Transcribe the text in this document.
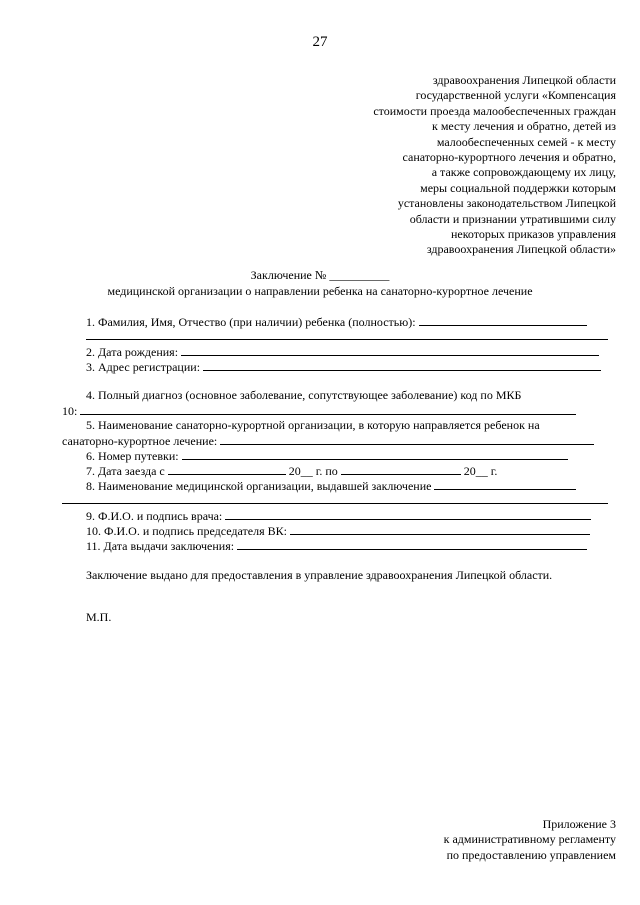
27
здравоохранения Липецкой области
государственной услуги «Компенсация
стоимости проезда малообеспеченных граждан
к месту лечения и обратно, детей из
малообеспеченных семей - к месту
санаторно-курортного лечения и обратно,
а также сопровождающему их лицу,
меры социальной поддержки которым
установлены законодательством Липецкой
области и признании утратившими силу
некоторых приказов управления
здравоохранения Липецкой области»
Заключение № __________
медицинской организации о направлении ребенка на санаторно-курортное лечение
1. Фамилия, Имя, Отчество (при наличии) ребенка (полностью):
2. Дата рождения:
3. Адрес регистрации:
4. Полный диагноз (основное заболевание, сопутствующее заболевание) код по МКБ
10:
5. Наименование санаторно-курортной организации, в которую направляется ребенок на
санаторно-курортное лечение:
6. Номер путевки:
7. Дата заезда с	20__ г. по	20__ г.
8. Наименование медицинской организации, выдавшей заключение
9. Ф.И.О. и подпись врача:
10. Ф.И.О. и подпись председателя ВК:
11. Дата выдачи заключения:
Заключение выдано для предоставления в управление здравоохранения Липецкой области.
М.П.
Приложение 3
к административному регламенту
по предоставлению управлением
